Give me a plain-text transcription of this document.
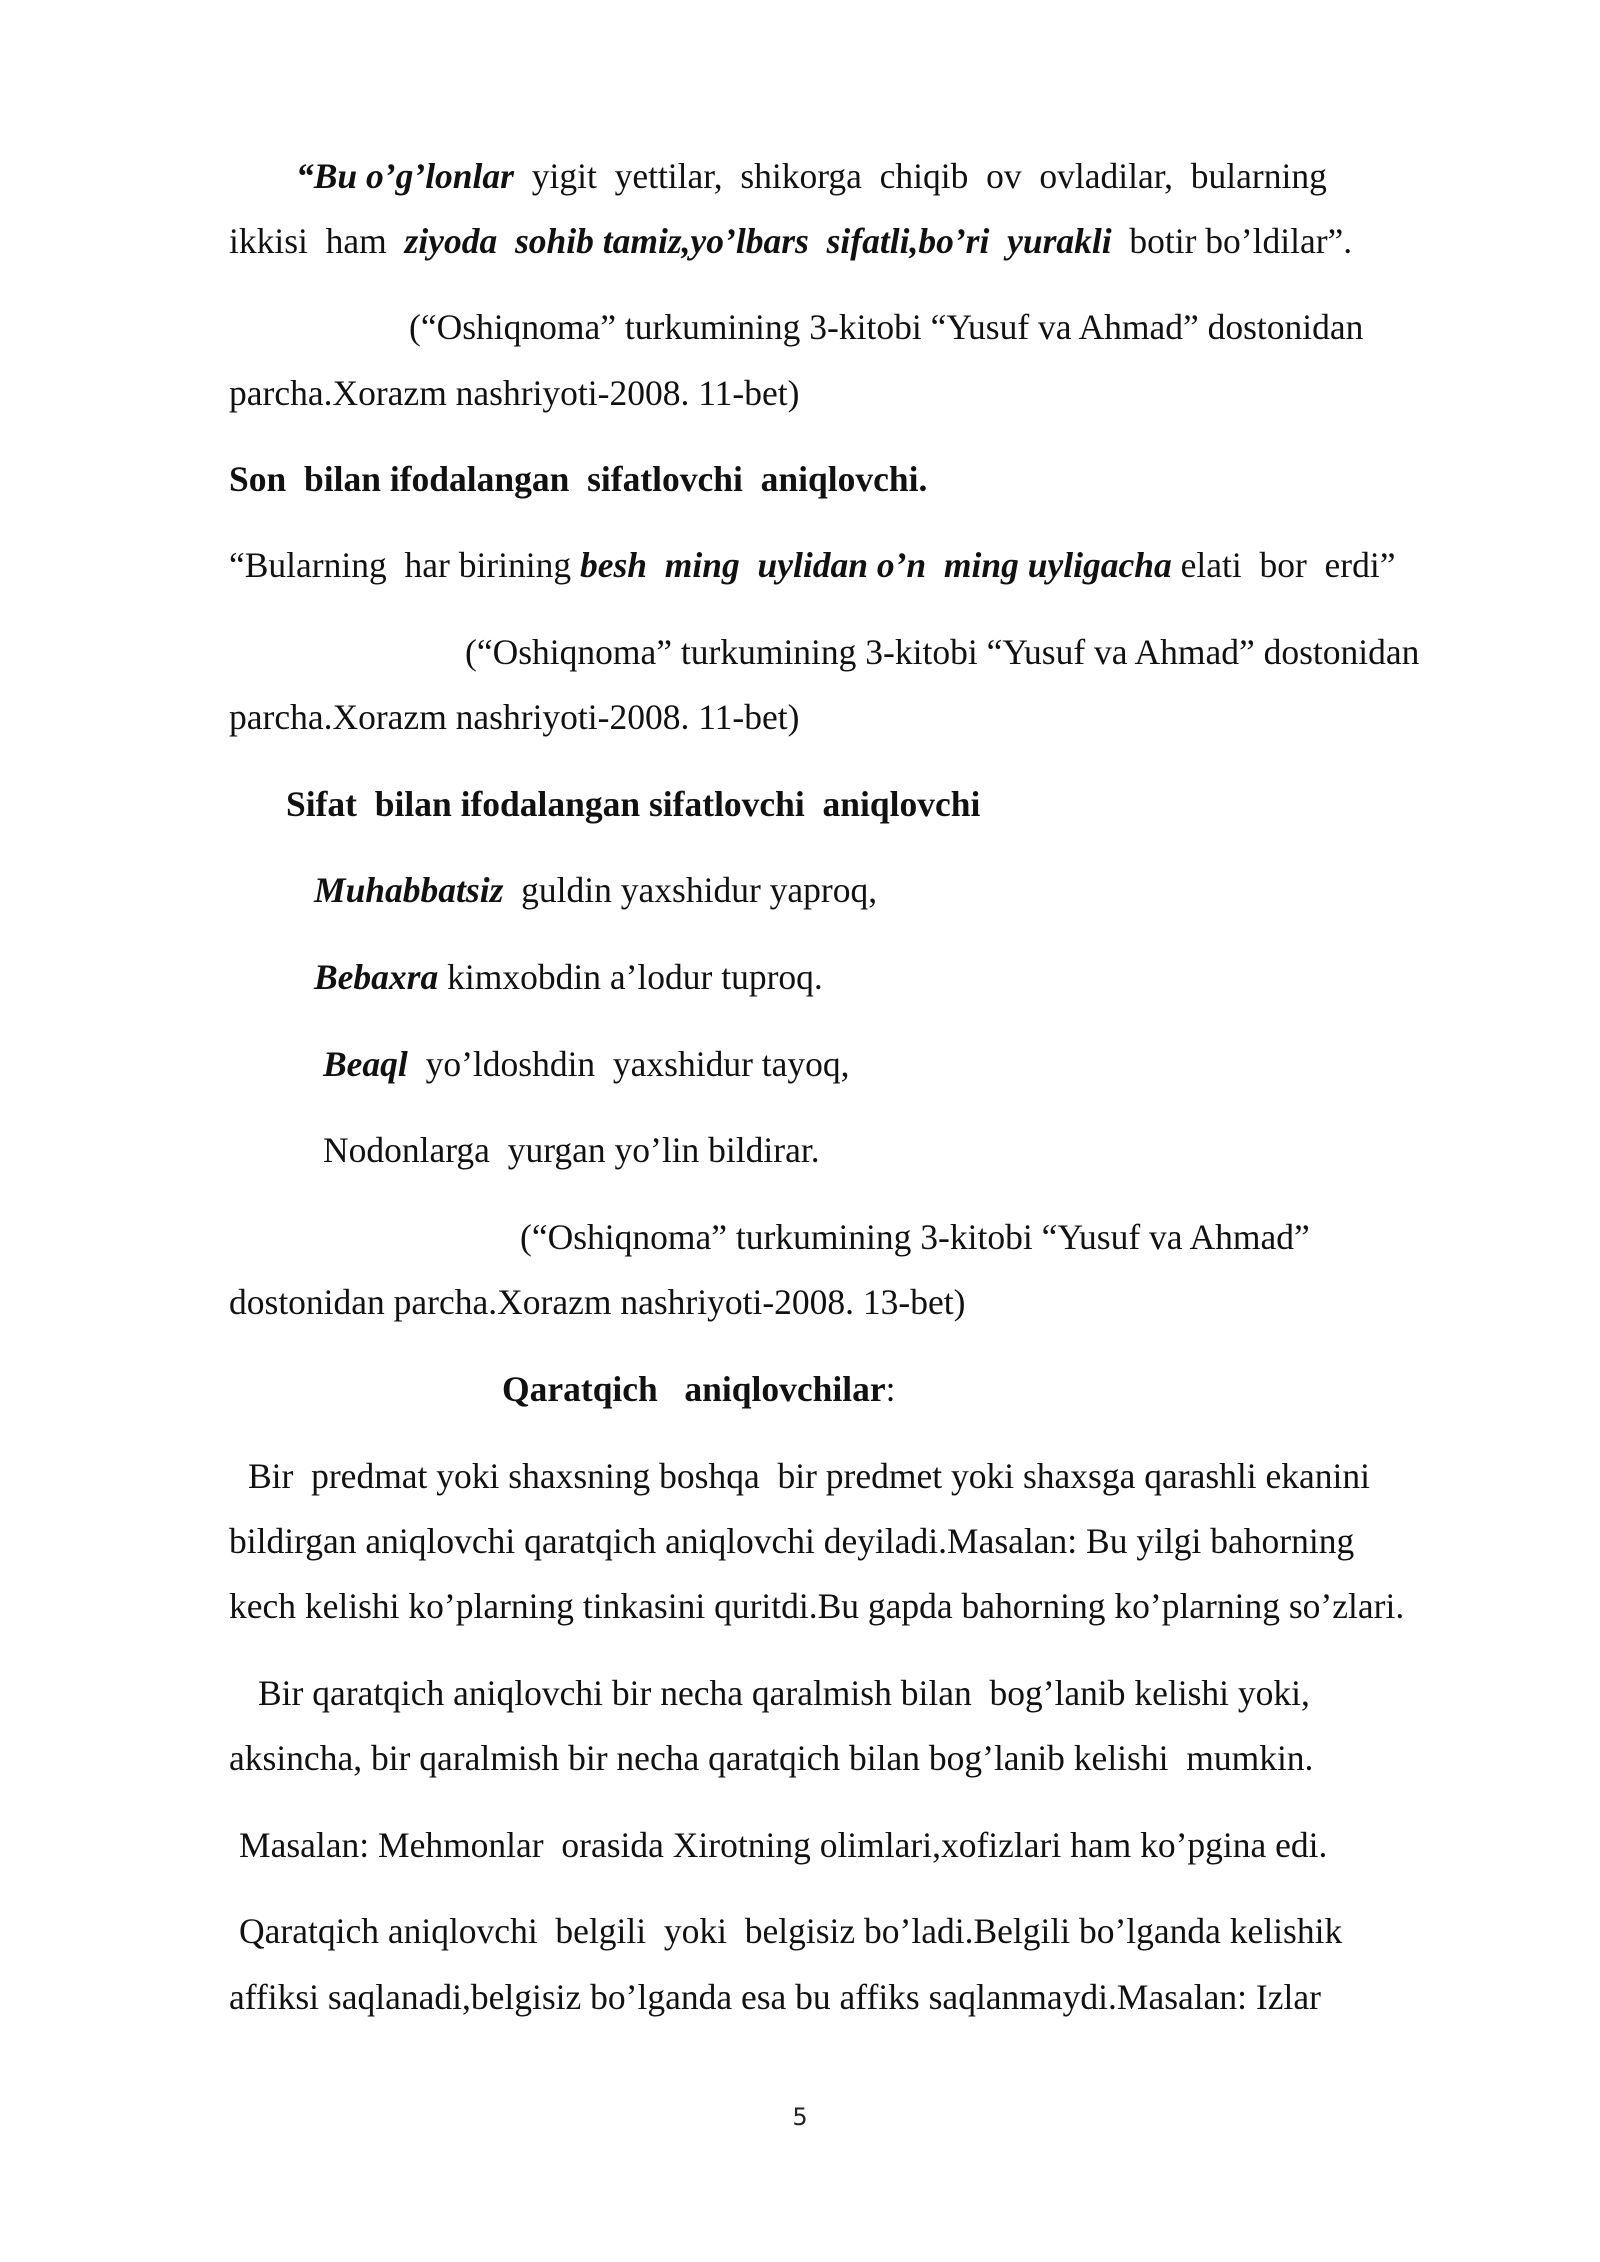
“Bu o’g’lonlar  yigit  yettilar,  shikorga  chiqib  ov  ovladilar,  bularning

ikkisi  ham  ziyoda  sohib tamiz,yo’lbars  sifatli,bo’ri  yurakli  botir bo’ldilar”.

(“Oshiqnoma” turkumining 3-kitobi “Yusuf va Ahmad” dostonidan

parcha.Xorazm nashriyoti-2008. 11-bet)

Son  bilan ifodalangan  sifatlovchi  aniqlovchi.

“Bularning  har birining besh  ming  uylidan o’n  ming uyligacha elati  bor  erdi”

(“Oshiqnoma” turkumining 3-kitobi “Yusuf va Ahmad” dostonidan

parcha.Xorazm nashriyoti-2008. 11-bet)

Sifat  bilan ifodalangan sifatlovchi  aniqlovchi

Muhabbatsiz  guldin yaxshidur yaproq,

Bebaxra kimxobdin a’lodur tuproq.

Beaql  yo’ldoshdin  yaxshidur tayoq,

Nodonlarga  yurgan yo’lin bildirar.

(“Oshiqnoma” turkumining 3-kitobi “Yusuf va Ahmad”

dostonidan parcha.Xorazm nashriyoti-2008. 13-bet)

Qaratqich   aniqlovchilar:

Bir  predmat yoki shaxsning boshqa  bir predmet yoki shaxsga qarashli ekanini

bildirgan aniqlovchi qaratqich aniqlovchi deyiladi.Masalan: Bu yilgi bahorning

kech kelishi ko’plarning tinkasini quritdi.Bu gapda bahorning ko’plarning so’zlari.

Bir qaratqich aniqlovchi bir necha qaralmish bilan  bog’lanib kelishi yoki,

aksincha, bir qaralmish bir necha qaratqich bilan bog’lanib kelishi  mumkin.

Masalan: Mehmonlar  orasida Xirotning olimlari,xofizlari ham ko’pgina edi.

Qaratqich aniqlovchi  belgili  yoki  belgisiz bo’ladi.Belgili bo’lganda kelishik

affiksi saqlanadi,belgisiz bo’lganda esa bu affiks saqlanmaydi.Masalan: Izlar

5
